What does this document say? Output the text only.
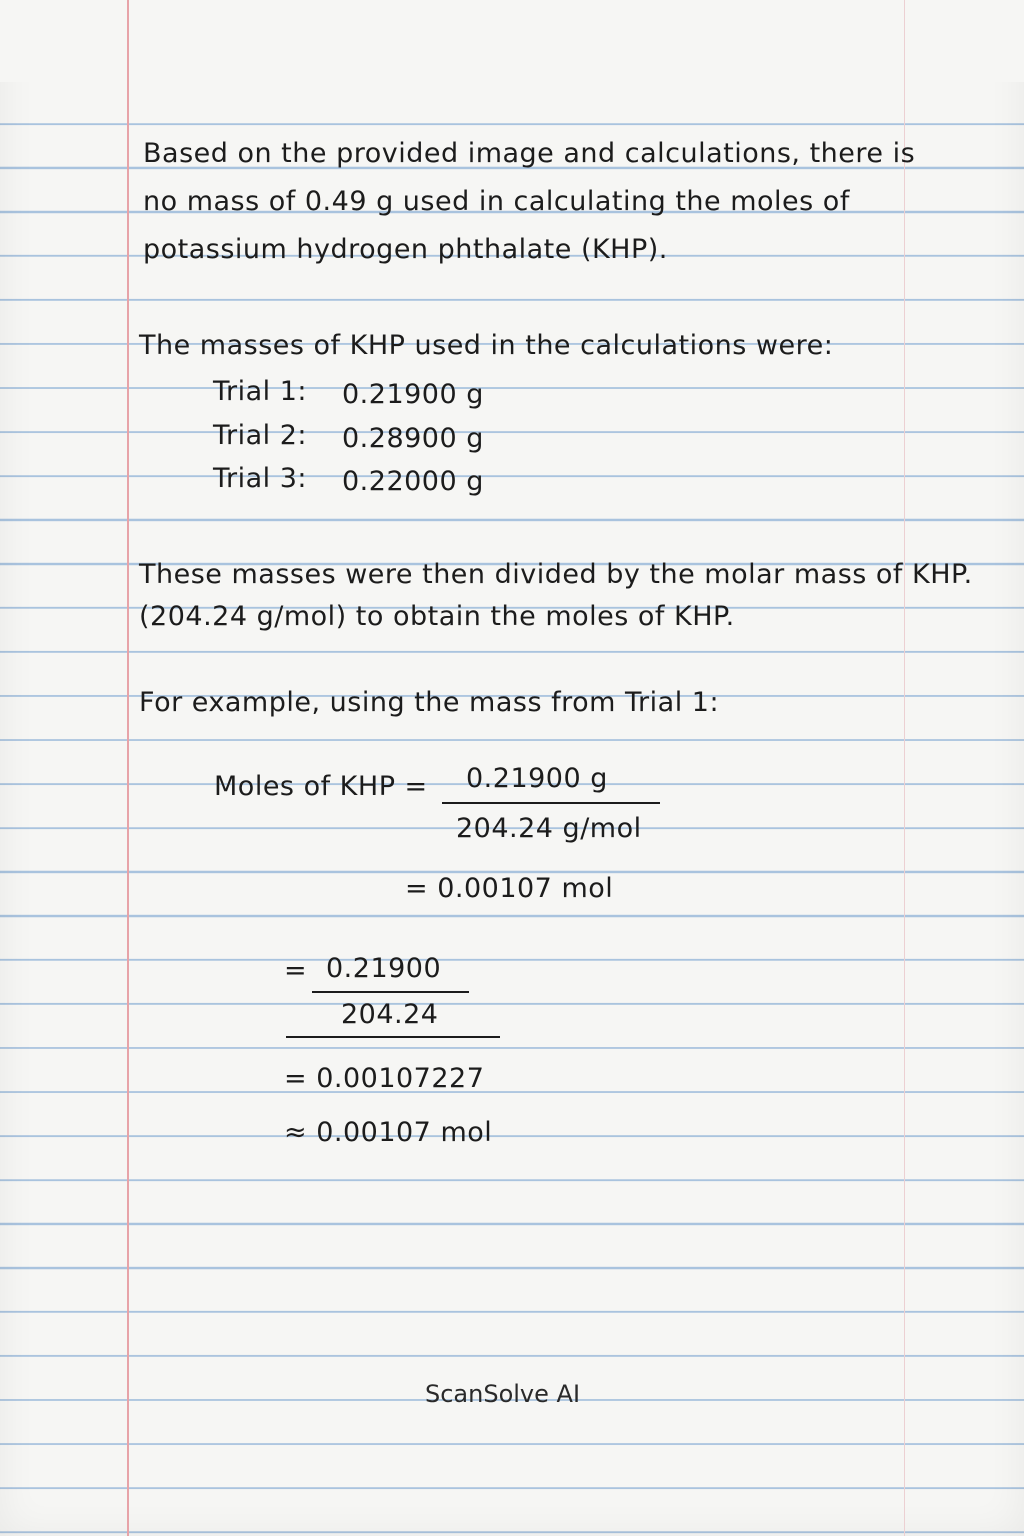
Based on the provided image and calculations, there is
no mass of 0.49 g used in calculating the moles of
potassium hydrogen phthalate (KHP).
The masses of KHP used in the calculations were:
Trial 1: 0.21900 g
Trial 2: 0.28900 g
Trial 3: 0.22000 g
These masses were then divided by the molar mass of KHP.
(204.24 g/mol) to obtain the moles of KHP.
For example, using the mass from Trial 1:
Moles of KHP = 0.21900 g
204.24 g/mol
= 0.00107 mol
= 0.21900
204.24
= 0.00107227
≈ 0.00107 mol
ScanSolve AI
